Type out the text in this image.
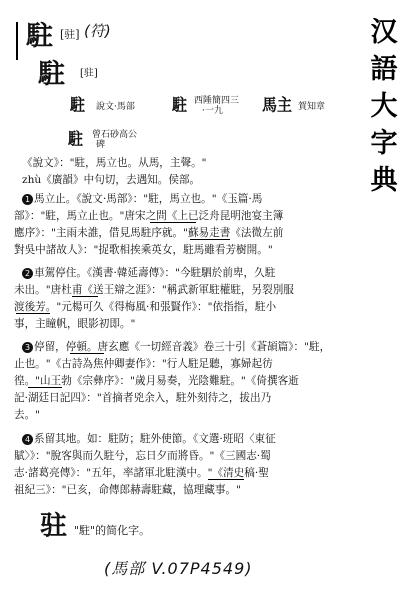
汉
語
大
字
典
駐 [驻] (符)
駐 [驻]
駐 說文·馬部 駐 西陲簡四三
·一九	馬主 賀知章
駐 曾石砂高公
碑
《說文》："駐，馬立也。从馬，主聲。"
zhù《廣韻》中句切，去遇知。侯部。
1 馬立止。《說文·馬部》："駐，馬立也。"《玉篇·馬
部》："駐，馬立止也。"唐宋之問《上已泛舟昆明池宴主簿
應序》："主雨未誰，借見馬駐序就。"蘇易走書《法微左前
對吳中諸故人》："捉歌相挨乘英女，駐馬雖看芳樹開。"
2 車駕停住。《漢書·韓延壽傳》："今駐駟於前卑，久駐
未出。"唐杜甫《送王辯之涯》："稱武新軍駐權駐，另裂別服
渡後芳。"元楊可久《得梅風·和張賢作》："依指指，駐小
事，主瞳帆，眼影初即。"
3 停留，停頓。唐玄應《一切經音義》卷三十引《蒼頡篇》："駐，
止也。"《古詩為焦仲卿妻作》："行人駐足聽，寡婦起彷
徨。"山王勃《宗彝序》："歲月易奏，光陰難駐。"《倚撰客逝
記·湖廷日記四》："首摘者兇余入，駐外刻待之，拔出乃
去。"
4 系留其地。如：駐防；駐外使節。《文選·班昭〈東征
賦〉》："脫客與而久駐兮，忘日夕而將昏。"《三國志·蜀
志·諸葛亮傳》："五年，率諸軍北駐漢中。"《清史稿·聖
祖紀三》："已亥，命傳郎赫壽駐藏，協理藏事。"
驻 "駐"的简化字。
(馬部 V.07P4549)
